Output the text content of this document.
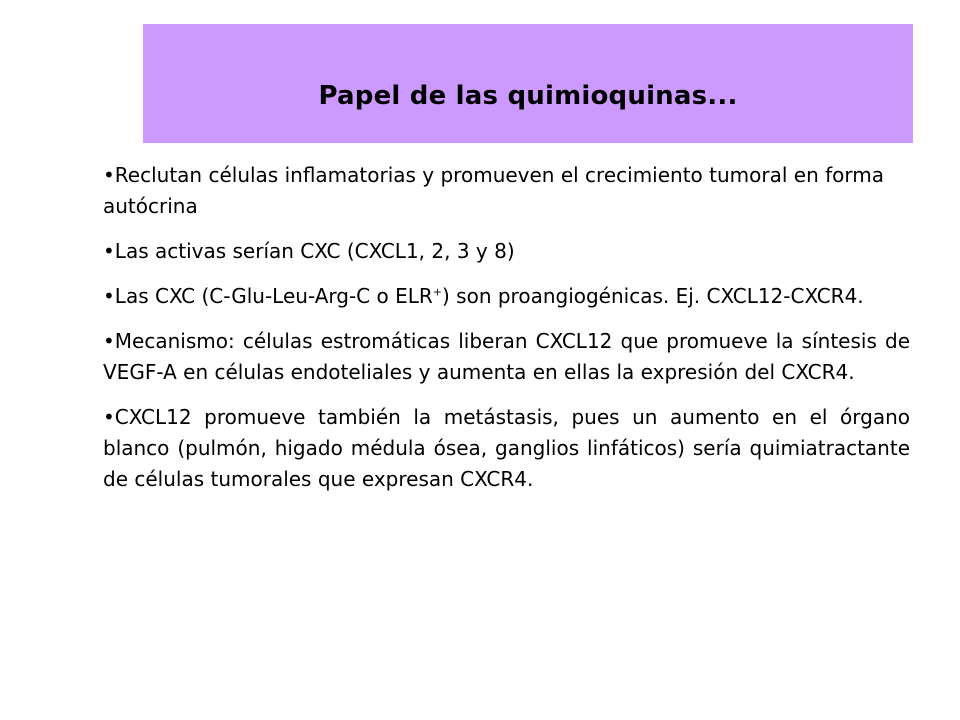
Papel de las quimioquinas...
•Reclutan células inflamatorias y promueven el crecimiento tumoral en forma autócrina
•Las activas serían CXC (CXCL1, 2, 3 y 8)
•Las CXC (C-Glu-Leu-Arg-C o ELR+) son proangiogénicas. Ej. CXCL12-CXCR4.
•Mecanismo: células estromáticas liberan CXCL12 que promueve la síntesis de VEGF-A en células endoteliales y aumenta en ellas la expresión del CXCR4.
•CXCL12 promueve también la metástasis, pues un aumento en el órgano blanco (pulmón, higado médula ósea, ganglios linfáticos) sería quimiatractante de células tumorales que expresan CXCR4.
